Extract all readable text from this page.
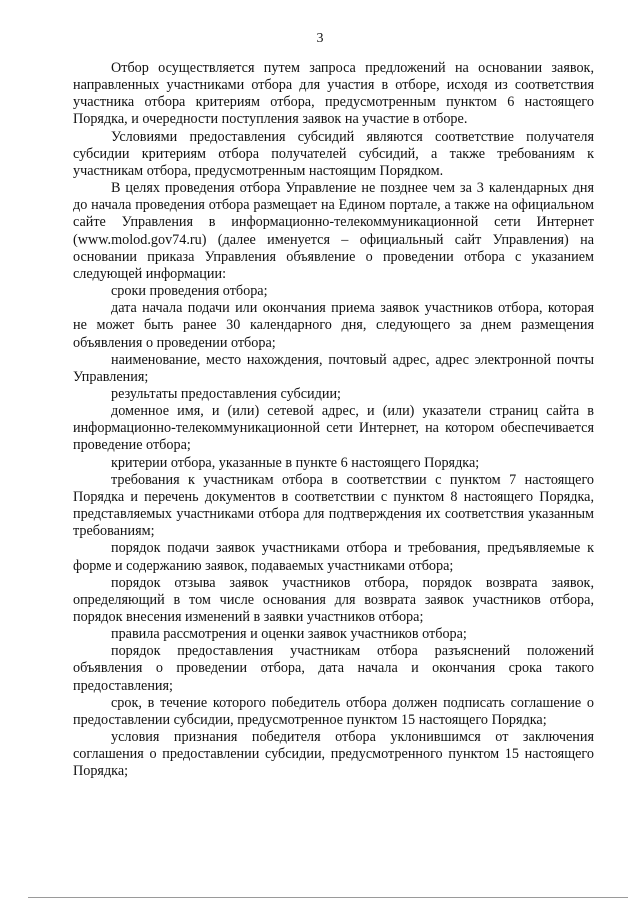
3

Отбор осуществляется путем запроса предложений на основании заявок, направленных участниками отбора для участия в отборе, исходя из соответствия участника отбора критериям отбора, предусмотренным пунктом 6 настоящего Порядка, и очередности поступления заявок на участие в отборе.

Условиями предоставления субсидий являются соответствие получателя субсидии критериям отбора получателей субсидий, а также требованиям к участникам отбора, предусмотренным настоящим Порядком.

В целях проведения отбора Управление не позднее чем за 3 календарных дня до начала проведения отбора размещает на Едином портале, а также на официальном сайте Управления в информационно-телекоммуникационной сети Интернет (www.molod.gov74.ru) (далее именуется – официальный сайт Управления) на основании приказа Управления объявление о проведении отбора с указанием следующей информации:

сроки проведения отбора;

дата начала подачи или окончания приема заявок участников отбора, которая не может быть ранее 30 календарного дня, следующего за днем размещения объявления о проведении отбора;

наименование, место нахождения, почтовый адрес, адрес электронной почты Управления;

результаты предоставления субсидии;

доменное имя, и (или) сетевой адрес, и (или) указатели страниц сайта в информационно-телекоммуникационной сети Интернет, на котором обеспечивается проведение отбора;

критерии отбора, указанные в пункте 6 настоящего Порядка;

требования к участникам отбора в соответствии с пунктом 7 настоящего Порядка и перечень документов в соответствии с пунктом 8 настоящего Порядка, представляемых участниками отбора для подтверждения их соответствия указанным требованиям;

порядок подачи заявок участниками отбора и требования, предъявляемые к форме и содержанию заявок, подаваемых участниками отбора;

порядок отзыва заявок участников отбора, порядок возврата заявок, определяющий в том числе основания для возврата заявок участников отбора, порядок внесения изменений в заявки участников отбора;

правила рассмотрения и оценки заявок участников отбора;

порядок предоставления участникам отбора разъяснений положений объявления о проведении отбора, дата начала и окончания срока такого предоставления;

срок, в течение которого победитель отбора должен подписать соглашение о предоставлении субсидии, предусмотренное пунктом 15 настоящего Порядка;

условия признания победителя отбора уклонившимся от заключения соглашения о предоставлении субсидии, предусмотренного пунктом 15 настоящего Порядка;
